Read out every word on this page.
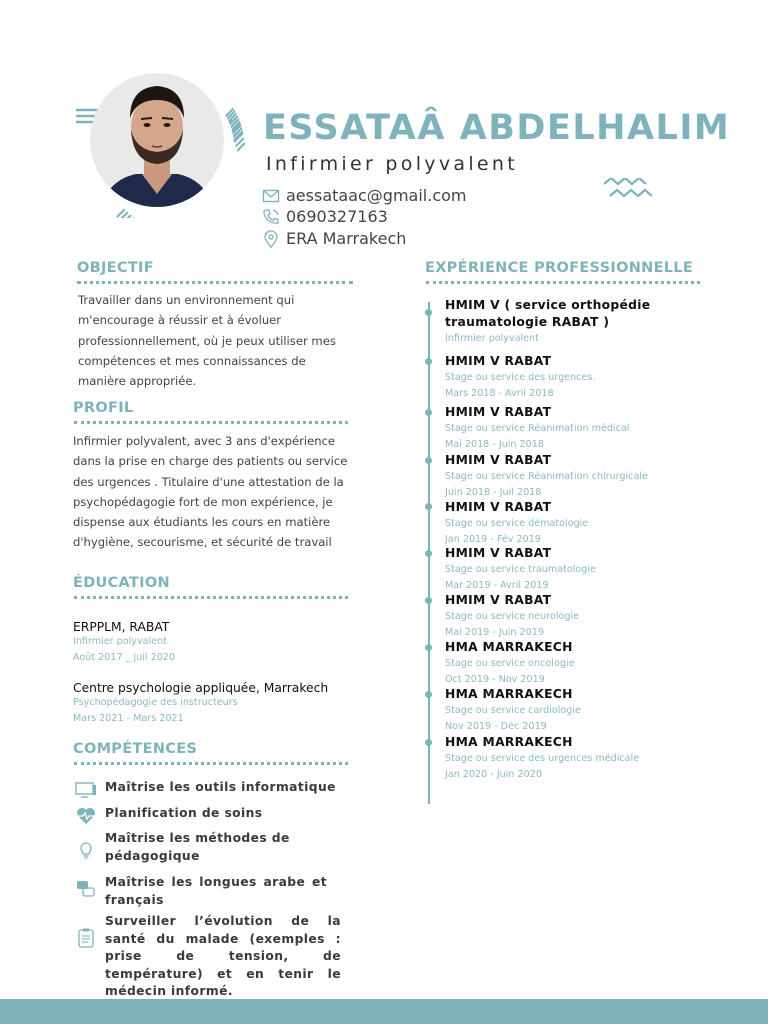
ESSATAÂ ABDELHALIM
Infirmier polyvalent
aessataac@gmail.com
0690327163
ERA Marrakech
OBJECTIF
Travailler dans un environnement qui m'encourage à réussir et à évoluer professionnellement, où je peux utiliser mes compétences et mes connaissances de manière appropriée.
PROFIL
Infirmier polyvalent, avec 3 ans d'expérience dans la prise en charge des patients ou service des urgences . Titulaire d'une attestation de la psychopédagogie fort de mon expérience, je dispense aux étudiants les cours en matière d'hygiène, secourisme, et sécurité de travail
ÉDUCATION
ERPPLM, RABAT
Infirmier polyvalent
Août 2017 _ juil 2020
Centre psychologie appliquée, Marrakech
Psychopédagogie des instructeurs
Mars 2021 - Mars 2021
COMPÉTENCES
Maîtrise les outils informatique
Planification de soins
Maîtrise les méthodes de pédagogique
Maîtrise les longues arabe et français
Surveiller l’évolution de la santé du malade (exemples : prise de tension, de température) et en tenir le médecin informé.
EXPÉRIENCE PROFESSIONNELLE
HMIM V ( service orthopédie traumatologie RABAT )
Infirmier polyvalent
HMIM V RABAT
Stage ou service des urgences.
Mars 2018 - Avril 2018
HMIM V RABAT
Stage ou service Réanimation médical
Mai 2018 - Juin 2018
HMIM V RABAT
Stage ou service Réanimation chirurgicale
Juin 2018 - Juil 2018
HMIM V RABAT
Stage ou service dématologie
Jan 2019 - Fév 2019
HMIM V RABAT
Stage ou service traumatologie
Mar 2019 - Avril 2019
HMIM V RABAT
Stage ou service neurologie
Mai 2019 - Juin 2019
HMA MARRAKECH
Stage ou service oncologie
Oct 2019 - Nov 2019
HMA MARRAKECH
Stage ou service cardiologie
Nov 2019 - Déc 2019
HMA MARRAKECH
Stage ou service des urgences médicale
Jan 2020 - Juin 2020
